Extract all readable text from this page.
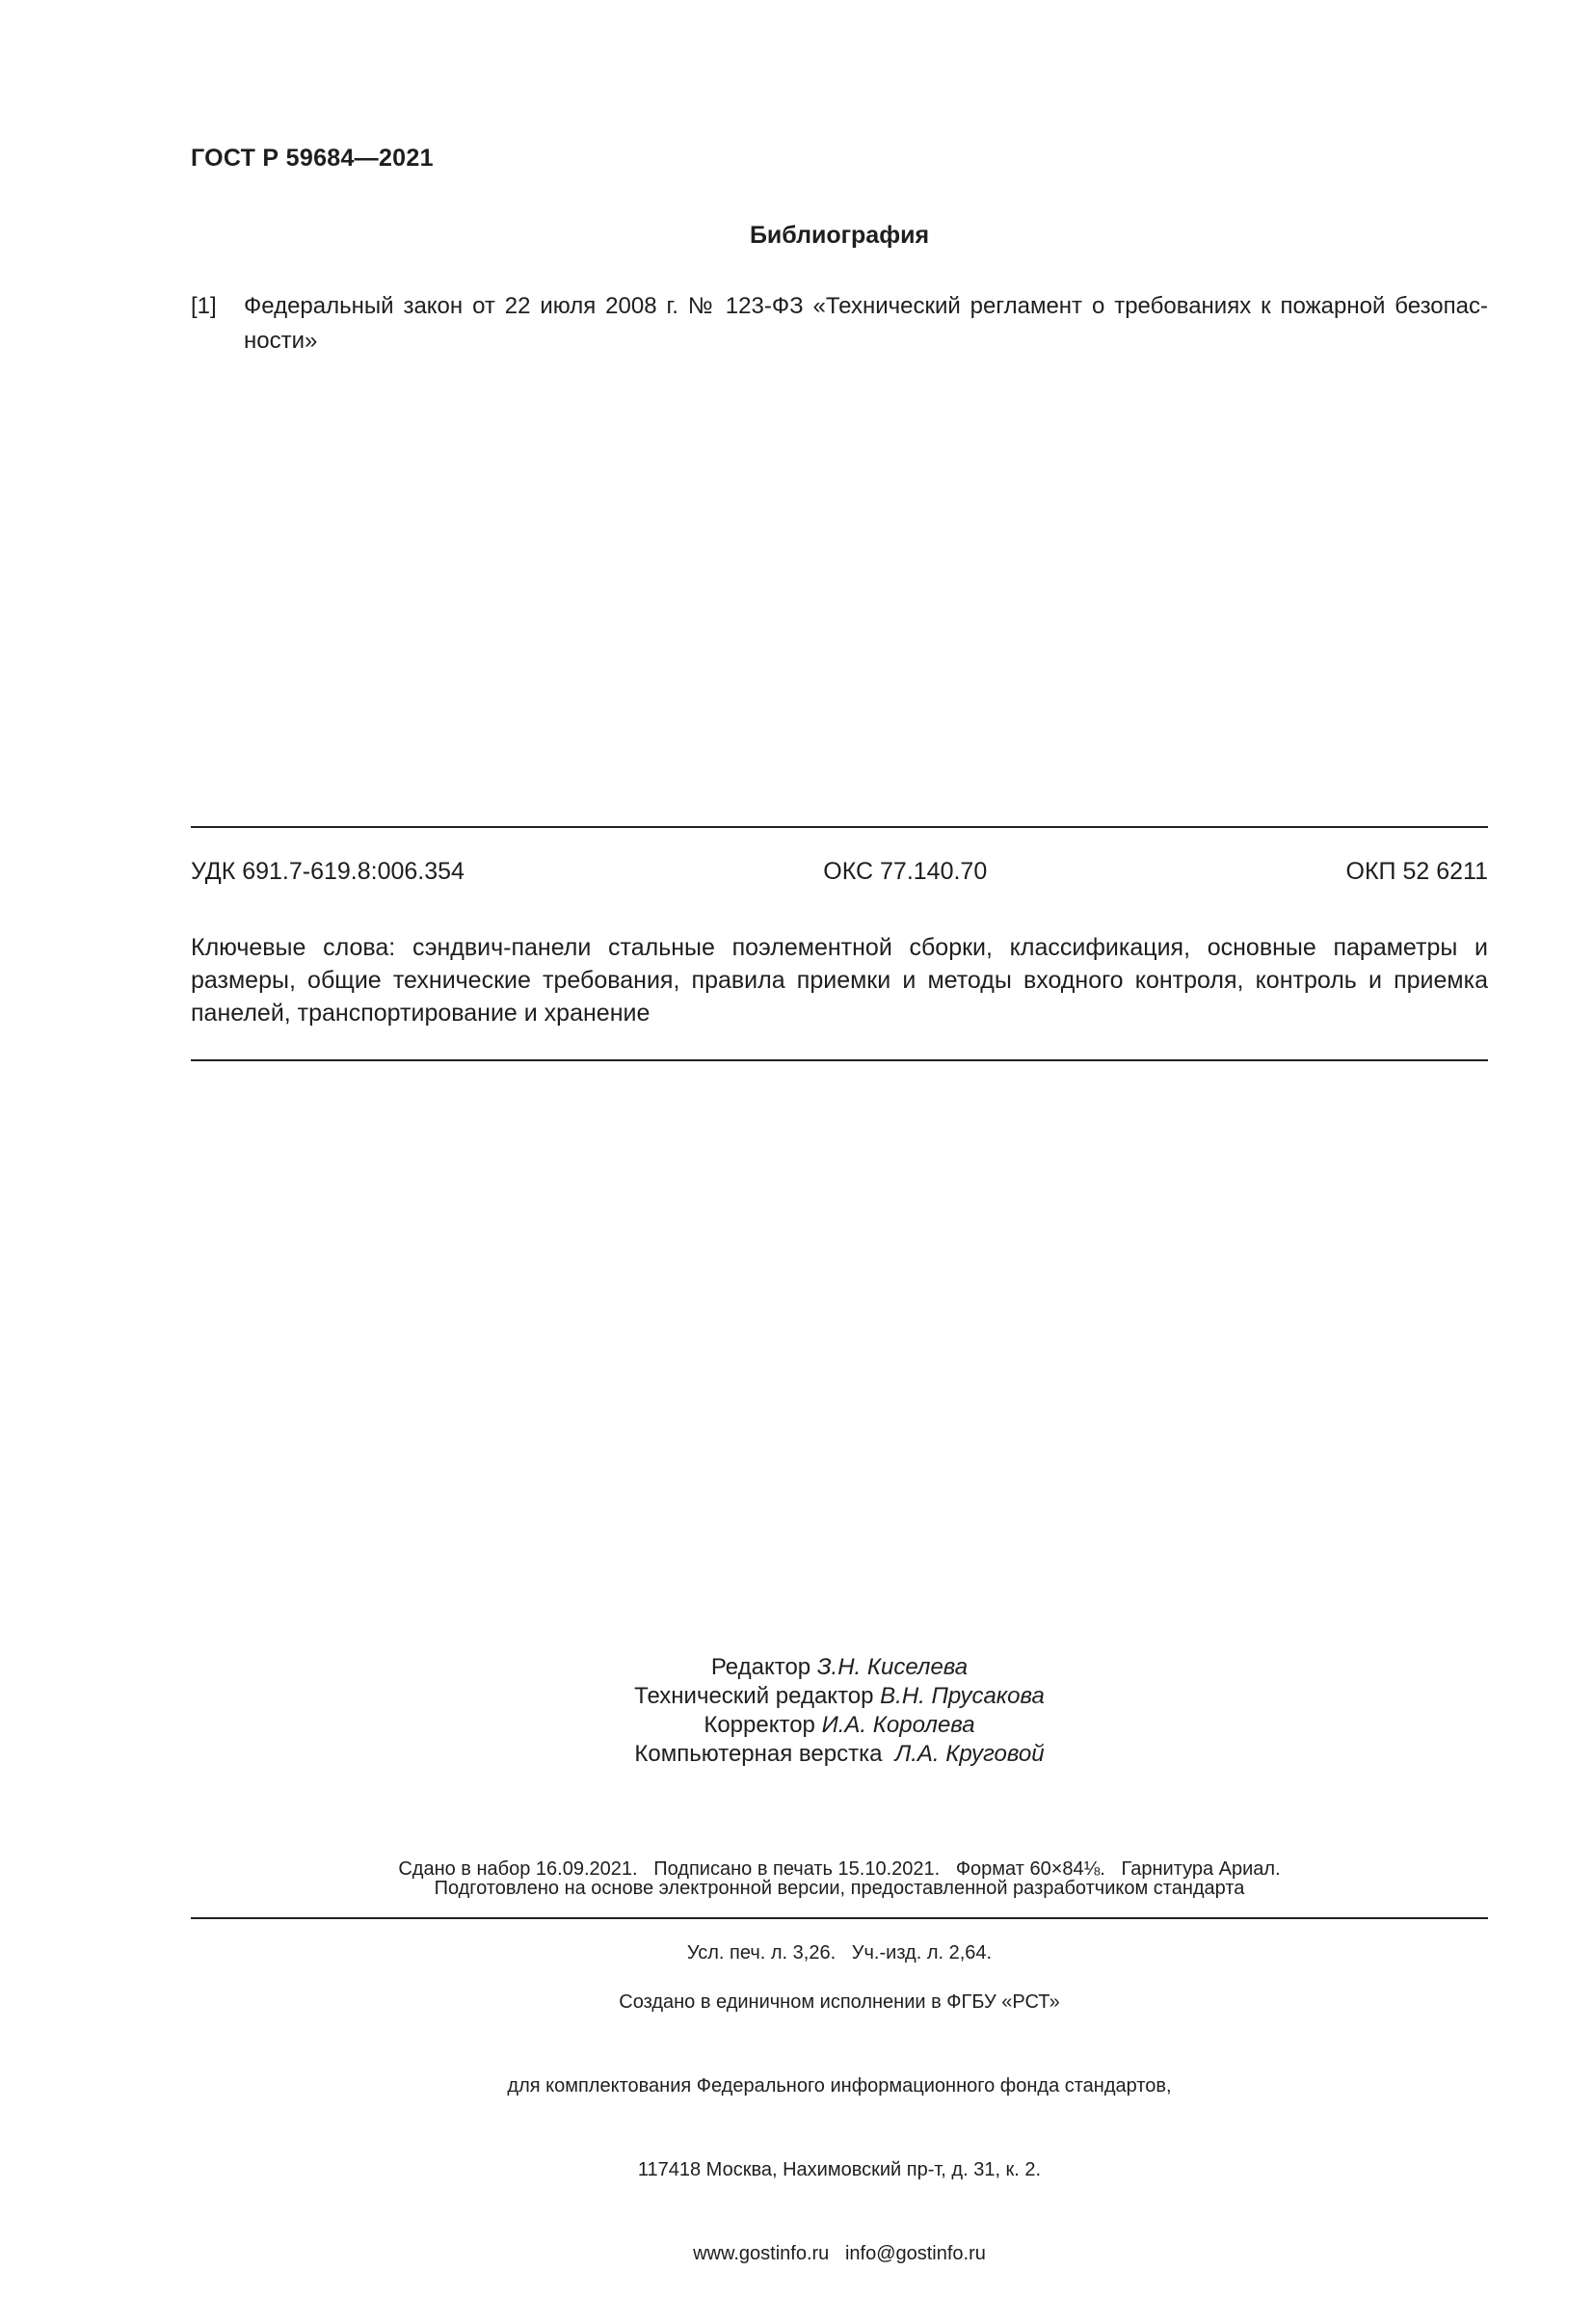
ГОСТ Р 59684—2021
Библиография
[1]	Федеральный закон от 22 июля 2008 г. № 123-ФЗ «Технический регламент о требованиях к пожарной безопасности»
УДК 691.7-619.8:006.354	ОКС 77.140.70	ОКП 52 6211
Ключевые слова: сэндвич-панели стальные поэлементной сборки, классификация, основные параметры и размеры, общие технические требования, правила приемки и методы входного контроля, контроль и приемка панелей, транспортирование и хранение
Редактор З.Н. Киселева
Технический редактор В.Н. Прусакова
Корректор И.А. Королева
Компьютерная верстка Л.А. Круговой

Сдано в набор 16.09.2021.   Подписано в печать 15.10.2021.   Формат 60×84⅛.   Гарнитура Ариал.

Усл. печ. л. 3,26.   Уч.-изд. л. 2,64.

Подготовлено на основе электронной версии, предоставленной разработчиком стандарта

Создано в единичном исполнении в ФГБУ «РСТ»

для комплектования Федерального информационного фонда стандартов,

117418 Москва, Нахимовский пр-т, д. 31, к. 2.

www.gostinfo.ru   info@gostinfo.ru
